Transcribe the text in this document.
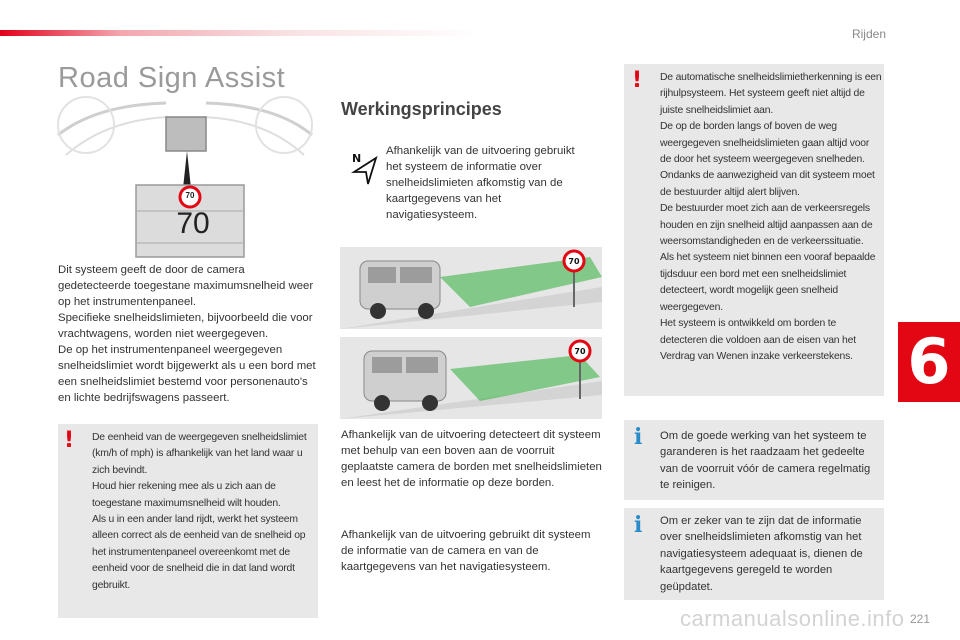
Rijden
6
Road Sign Assist
70
70
Dit systeem geeft de door de camera gedetecteerde toegestane maximumsnelheid weer op het instrumentenpaneel.
Specifieke snelheidslimieten, bijvoorbeeld die voor vrachtwagens, worden niet weergegeven.
De op het instrumentenpaneel weergegeven snelheidslimiet wordt bijgewerkt als u een bord met een snelheidslimiet bestemd voor personenauto's en lichte bedrijfswagens passeert.
! De eenheid van de weergegeven snelheidslimiet (km/h of mph) is afhankelijk van het land waar u zich bevindt.
Houd hier rekening mee als u zich aan de toegestane maximumsnelheid wilt houden.
Als u in een ander land rijdt, werkt het systeem alleen correct als de eenheid van de snelheid op het instrumentenpaneel overeenkomt met de eenheid voor de snelheid die in dat land wordt gebruikt.
Werkingsprincipes
N
Afhankelijk van de uitvoering gebruikt het systeem de informatie over snelheidslimieten afkomstig van de kaartgegevens van het navigatiesysteem.
70
70
Afhankelijk van de uitvoering detecteert dit systeem met behulp van een boven aan de voorruit geplaatste camera de borden met snelheidslimieten en leest het de informatie op deze borden.
Afhankelijk van de uitvoering gebruikt dit systeem de informatie van de camera en van de kaartgegevens van het navigatiesysteem.
! De automatische snelheidslimietherkenning is een rijhulpsysteem. Het systeem geeft niet altijd de juiste snelheidslimiet aan.
De op de borden langs of boven de weg weergegeven snelheidslimieten gaan altijd voor de door het systeem weergegeven snelheden.
Ondanks de aanwezigheid van dit systeem moet de bestuurder altijd alert blijven.
De bestuurder moet zich aan de verkeersregels houden en zijn snelheid altijd aanpassen aan de weersomstandigheden en de verkeerssituatie.
Als het systeem niet binnen een vooraf bepaalde tijdsduur een bord met een snelheidslimiet detecteert, wordt mogelijk geen snelheid weergegeven.
Het systeem is ontwikkeld om borden te detecteren die voldoen aan de eisen van het Verdrag van Wenen inzake verkeerstekens.
i Om de goede werking van het systeem te garanderen is het raadzaam het gedeelte van de voorruit vóór de camera regelmatig te reinigen.
i Om er zeker van te zijn dat de informatie over snelheidslimieten afkomstig van het navigatiesysteem adequaat is, dienen de kaartgegevens geregeld te worden geüpdatet.
carmanualsonline.info 221
